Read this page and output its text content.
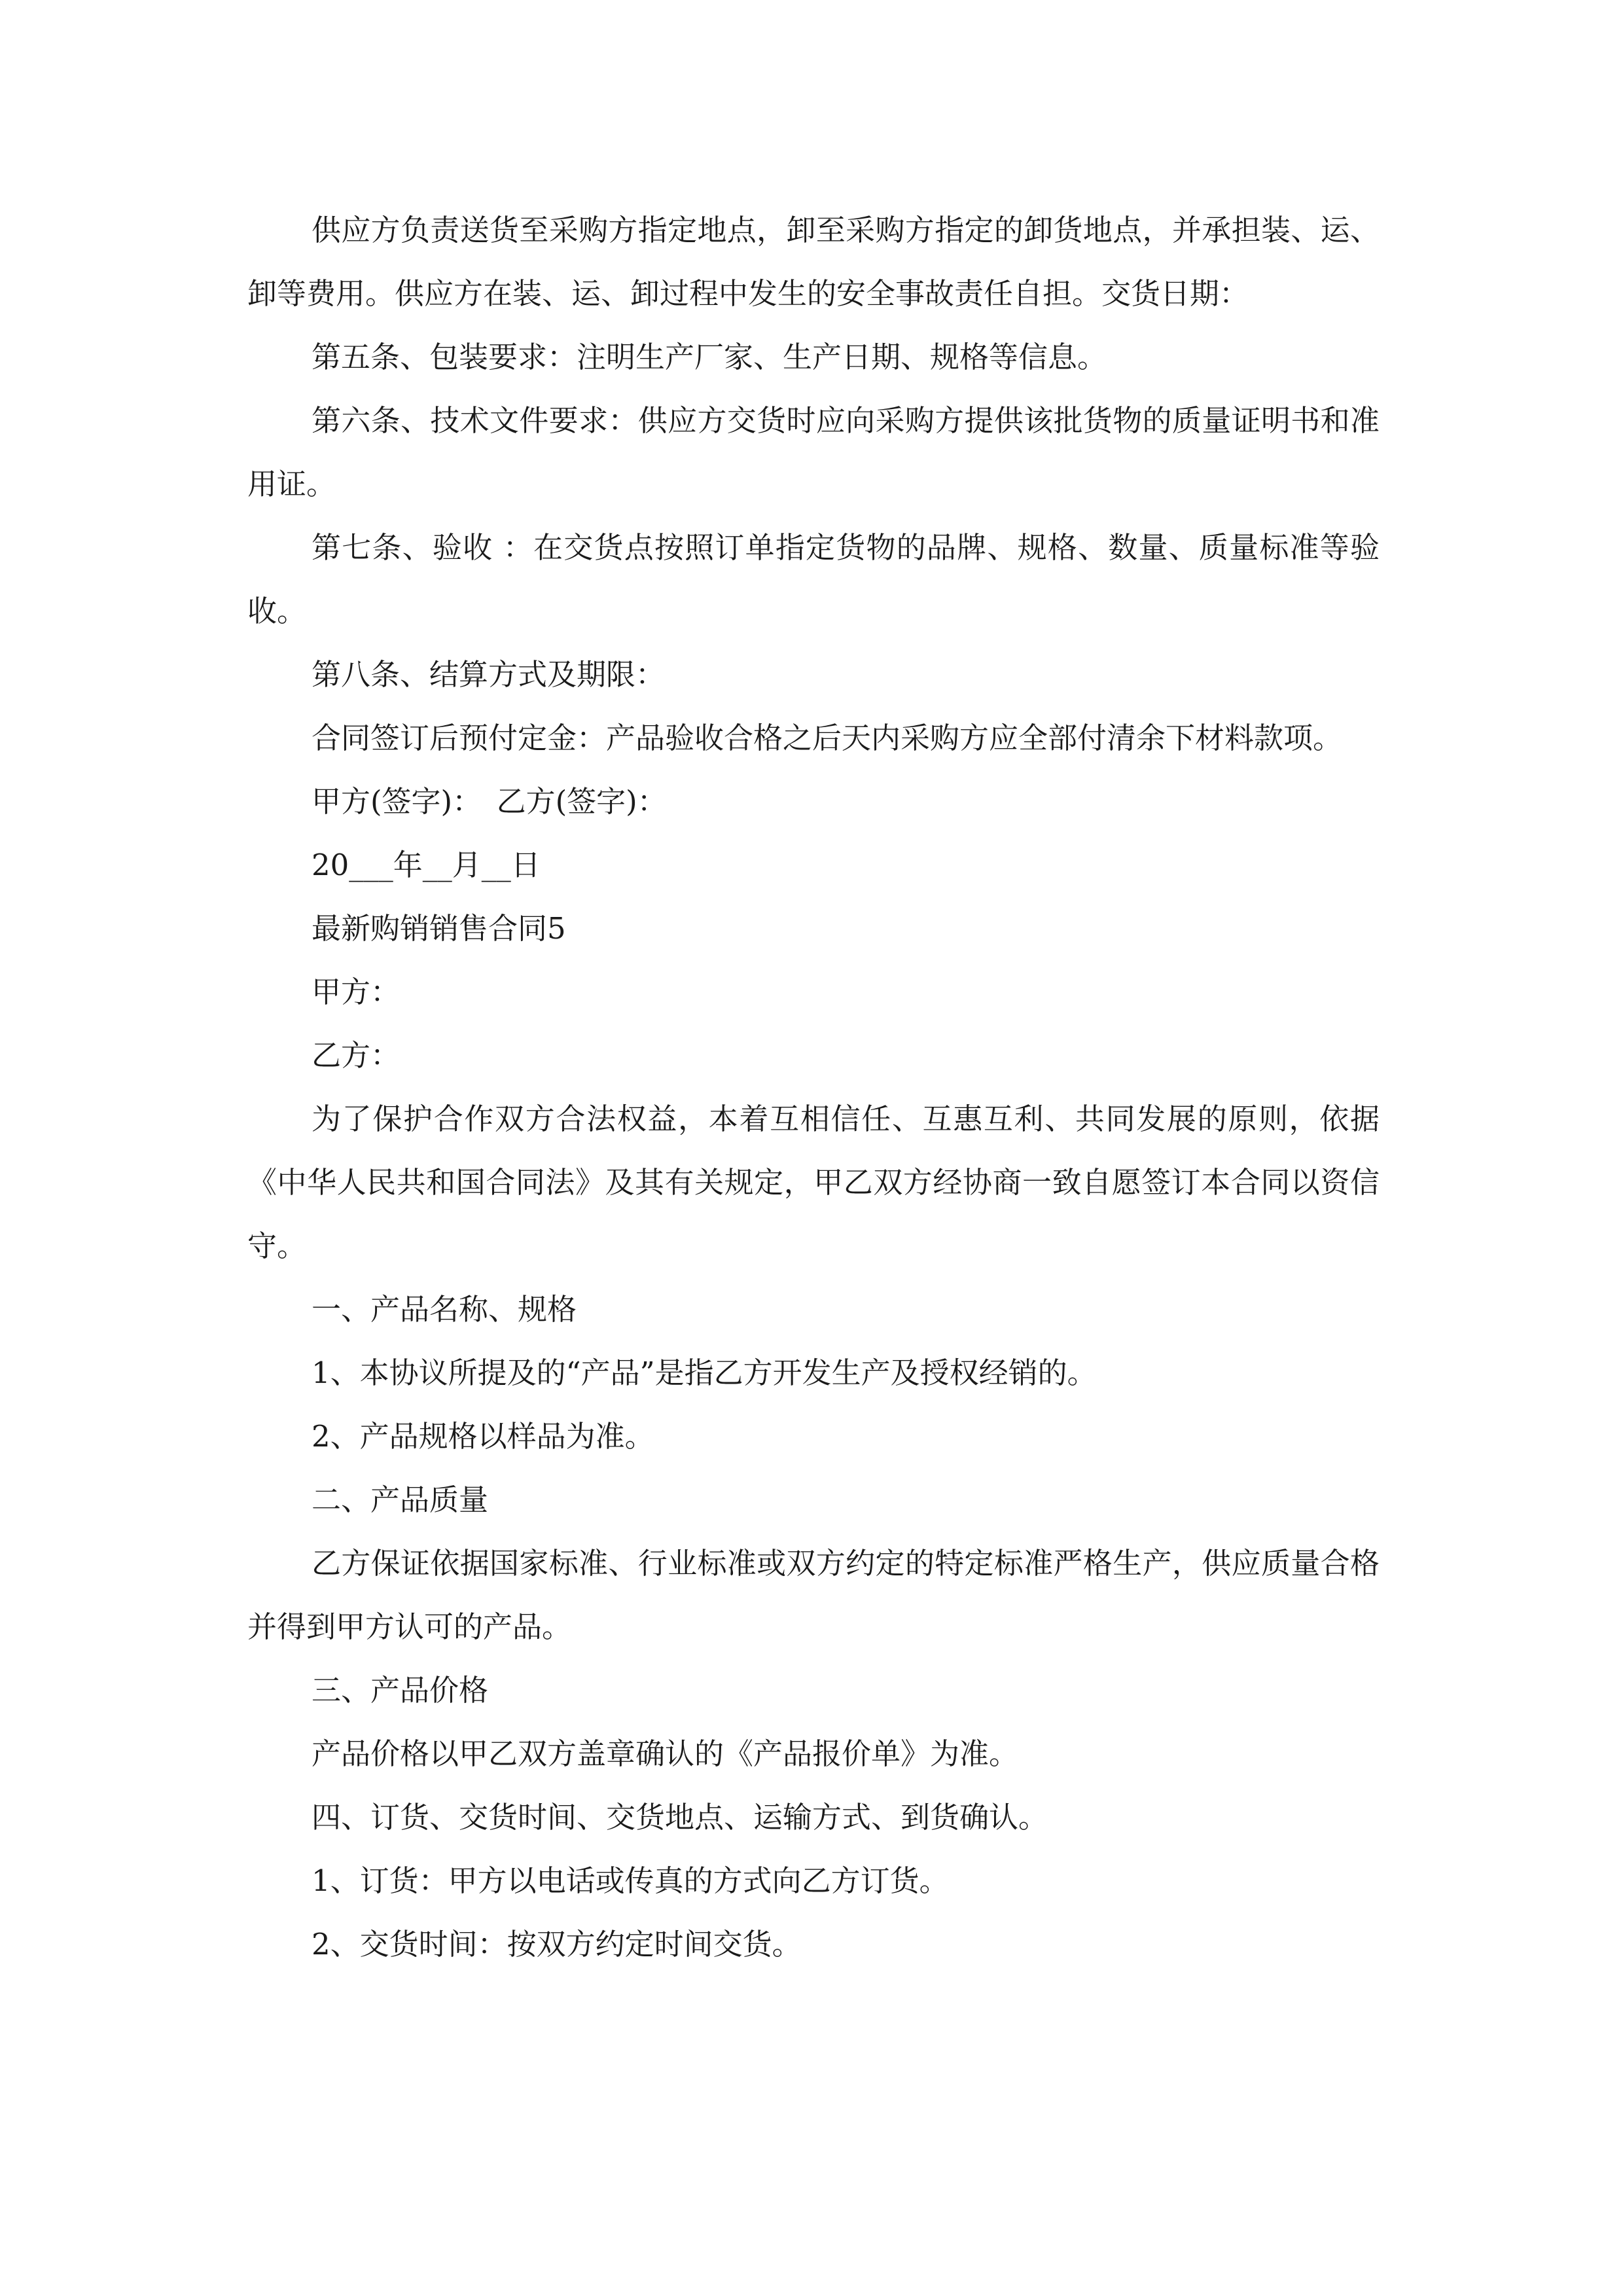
供应方负责送货至采购方指定地点，卸至采购方指定的卸货地点，并承担装、运、卸等费用。供应方在装、运、卸过程中发生的安全事故责任自担。交货日期：

第五条、包装要求：注明生产厂家、生产日期、规格等信息。

第六条、技术文件要求：供应方交货时应向采购方提供该批货物的质量证明书和准用证。

第七条、验收 ：在交货点按照订单指定货物的品牌、规格、数量、质量标准等验收。

第八条、结算方式及期限：

合同签订后预付定金：产品验收合格之后天内采购方应全部付清余下材料款项。

甲方(签字)：　乙方(签字)：

20___年__月__日

最新购销销售合同5

甲方：

乙方：

为了保护合作双方合法权益，本着互相信任、互惠互利、共同发展的原则，依据《中华人民共和国合同法》及其有关规定，甲乙双方经协商一致自愿签订本合同以资信守。

一、产品名称、规格

1、本协议所提及的“产品”是指乙方开发生产及授权经销的。

2、产品规格以样品为准。

二、产品质量

乙方保证依据国家标准、行业标准或双方约定的特定标准严格生产，供应质量合格并得到甲方认可的产品。

三、产品价格

产品价格以甲乙双方盖章确认的《产品报价单》为准。

四、订货、交货时间、交货地点、运输方式、到货确认。

1、订货：甲方以电话或传真的方式向乙方订货。

2、交货时间：按双方约定时间交货。
